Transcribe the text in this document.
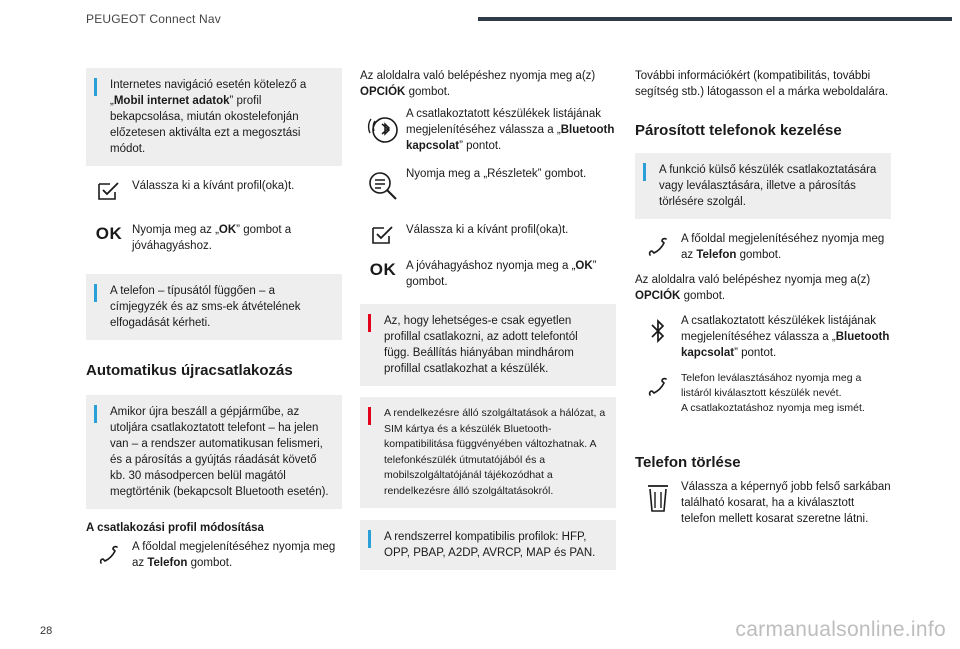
PEUGEOT Connect Nav
Internetes navigáció esetén kötelező a „Mobil internet adatok” profil bekapcsolása, miután okostelefonján előzetesen aktiválta ezt a megosztási módot.
Válassza ki a kívánt profil(oka)t.
OK Nyomja meg az „OK” gombot a jóváhagyáshoz.
A telefon – típusától függően – a címjegyzék és az sms-ek átvételének elfogadását kérheti.
Automatikus újracsatlakozás
Amikor újra beszáll a gépjárműbe, az utoljára csatlakoztatott telefont – ha jelen van – a rendszer automatikusan felismeri, és a párosítás a gyújtás ráadását követő kb. 30 másodpercen belül magától megtörténik (bekapcsolt Bluetooth esetén).
A csatlakozási profil módosítása
A főoldal megjelenítéséhez nyomja meg az Telefon gombot.
Az aloldalra való belépéshez nyomja meg a(z) OPCIÓK gombot.
A csatlakoztatott készülékek listájának megjelenítéséhez válassza a „Bluetooth kapcsolat” pontot.
Nyomja meg a „Részletek” gombot.
Válassza ki a kívánt profil(oka)t.
OK A jóváhagyáshoz nyomja meg a „OK” gombot.
Az, hogy lehetséges-e csak egyetlen profillal csatlakozni, az adott telefontól függ. Beállítás hiányában mindhárom profillal csatlakozhat a készülék.
A rendelkezésre álló szolgáltatások a hálózat, a SIM kártya és a készülék Bluetooth-kompatibilitása függvényében változhatnak. A telefonkészülék útmutatójából és a mobilszolgáltatójánál tájékozódhat a rendelkezésre álló szolgáltatásokról.
A rendszerrel kompatibilis profilok: HFP, OPP, PBAP, A2DP, AVRCP, MAP és PAN.
További információkért (kompatibilitás, további segítség stb.) látogasson el a márka weboldalára.
Párosított telefonok kezelése
A funkció külső készülék csatlakoztatására vagy leválasztására, illetve a párosítás törlésére szolgál.
A főoldal megjelenítéséhez nyomja meg az Telefon gombot.
Az aloldalra való belépéshez nyomja meg a(z) OPCIÓK gombot.
A csatlakoztatott készülékek listájának megjelenítéséhez válassza a „Bluetooth kapcsolat” pontot.
Telefon leválasztásához nyomja meg a listáról kiválasztott készülék nevét.
A csatlakoztatáshoz nyomja meg ismét.
Telefon törlése
Válassza a képernyő jobb felső sarkában található kosarat, ha a kiválasztott telefon mellett kosarat szeretne látni.
28	carmanualsonline.info
